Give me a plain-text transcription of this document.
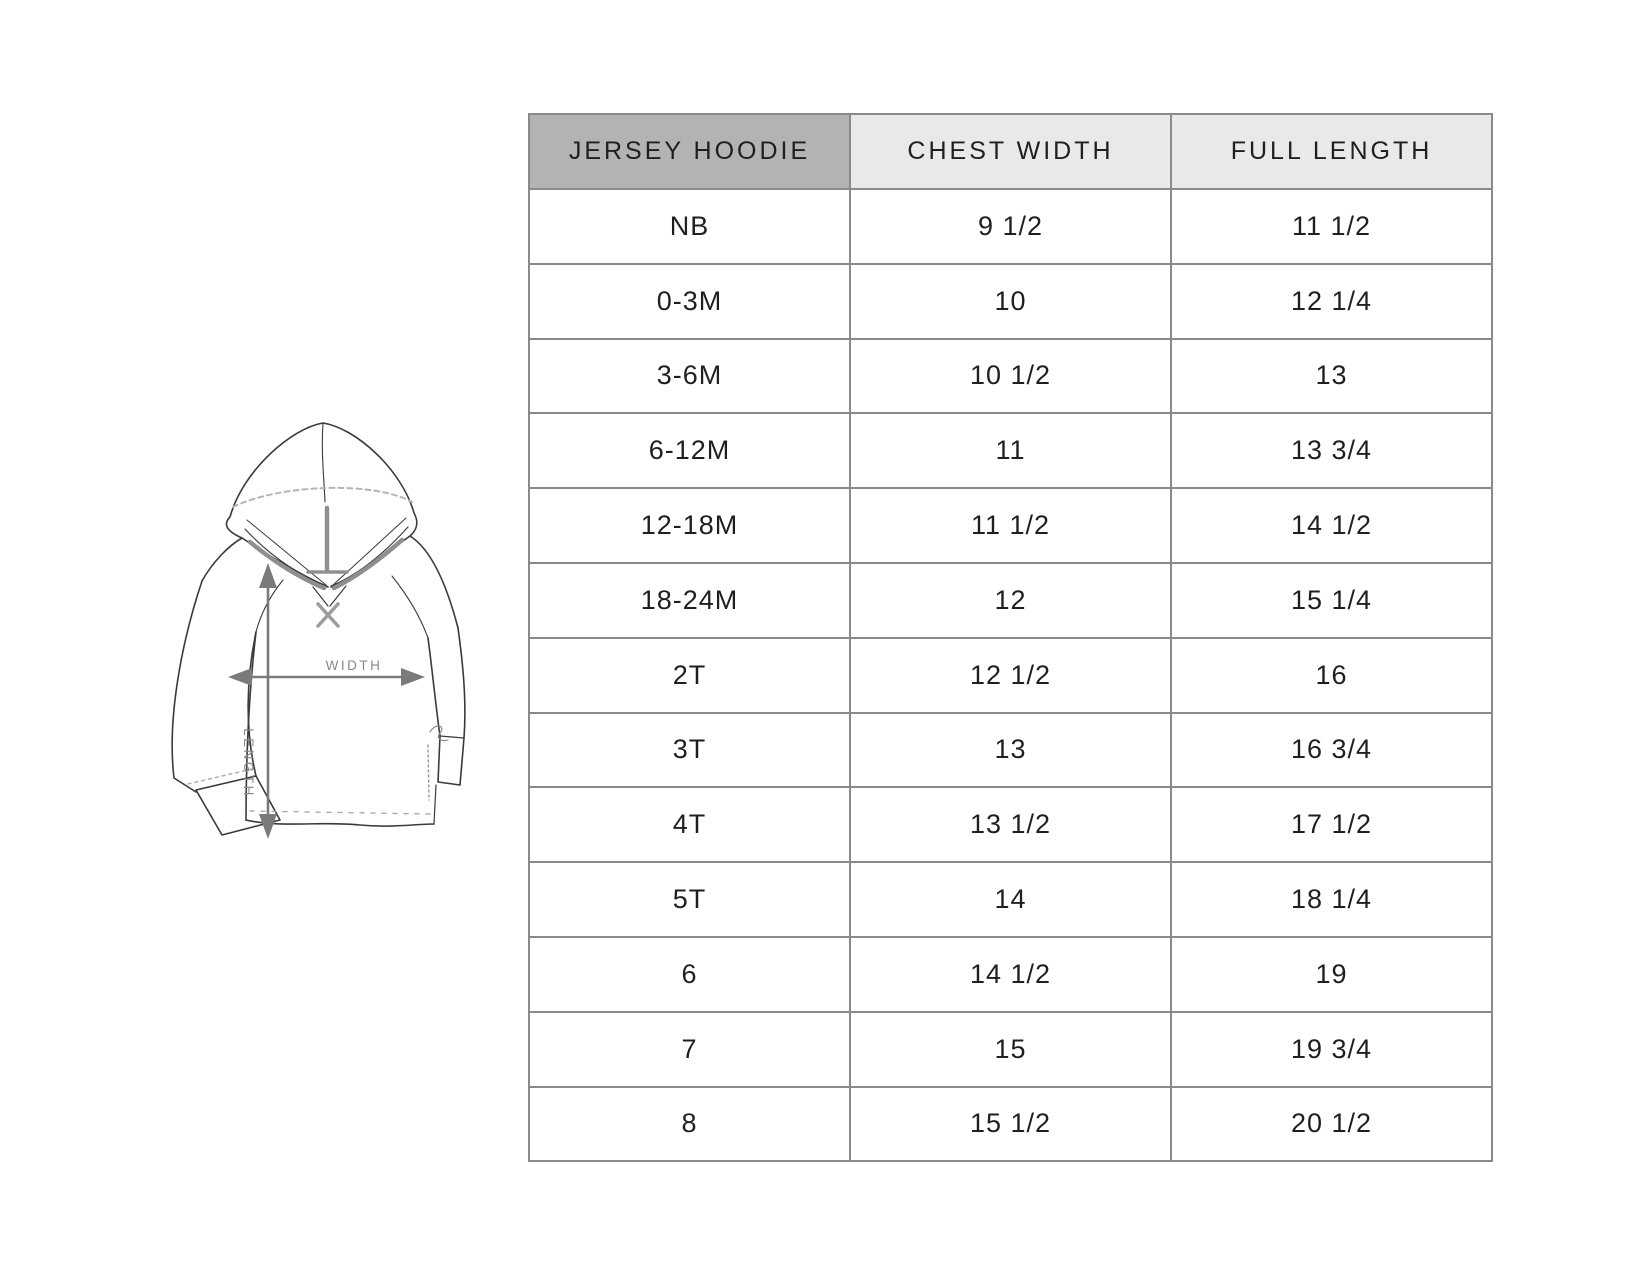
WIDTH
LENGTH
JERSEY HOODIE	CHEST WIDTH	FULL LENGTH
NB	9 1/2	11 1/2
0-3M	10	12 1/4
3-6M	10 1/2	13
6-12M	11	13 3/4
12-18M	11 1/2	14 1/2
18-24M	12	15 1/4
2T	12 1/2	16
3T	13	16 3/4
4T	13 1/2	17 1/2
5T	14	18 1/4
6	14 1/2	19
7	15	19 3/4
8	15 1/2	20 1/2
